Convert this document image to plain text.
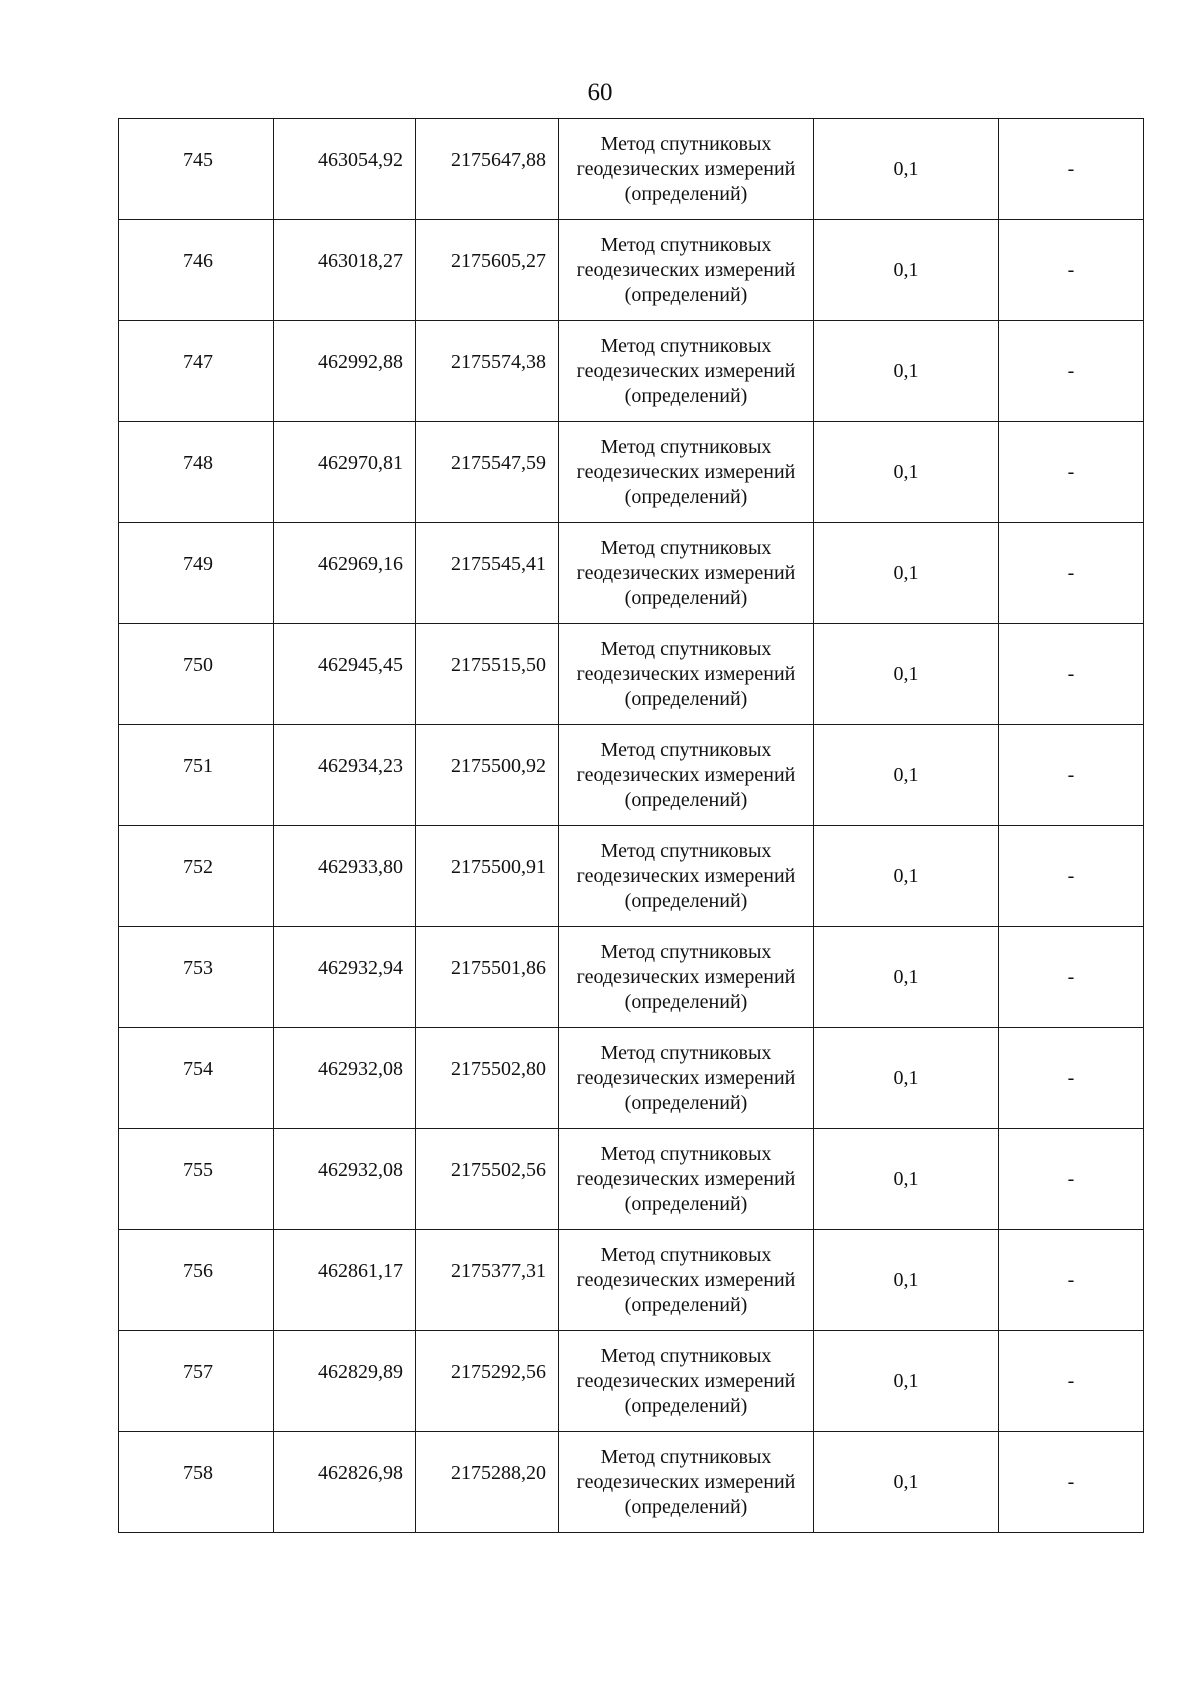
60
745	463054,92	2175647,88	Метод спутниковых
геодезических измерений
(определений)	0,1	-
746	463018,27	2175605,27	Метод спутниковых
геодезических измерений
(определений)	0,1	-
747	462992,88	2175574,38	Метод спутниковых
геодезических измерений
(определений)	0,1	-
748	462970,81	2175547,59	Метод спутниковых
геодезических измерений
(определений)	0,1	-
749	462969,16	2175545,41	Метод спутниковых
геодезических измерений
(определений)	0,1	-
750	462945,45	2175515,50	Метод спутниковых
геодезических измерений
(определений)	0,1	-
751	462934,23	2175500,92	Метод спутниковых
геодезических измерений
(определений)	0,1	-
752	462933,80	2175500,91	Метод спутниковых
геодезических измерений
(определений)	0,1	-
753	462932,94	2175501,86	Метод спутниковых
геодезических измерений
(определений)	0,1	-
754	462932,08	2175502,80	Метод спутниковых
геодезических измерений
(определений)	0,1	-
755	462932,08	2175502,56	Метод спутниковых
геодезических измерений
(определений)	0,1	-
756	462861,17	2175377,31	Метод спутниковых
геодезических измерений
(определений)	0,1	-
757	462829,89	2175292,56	Метод спутниковых
геодезических измерений
(определений)	0,1	-
758	462826,98	2175288,20	Метод спутниковых
геодезических измерений
(определений)	0,1	-
